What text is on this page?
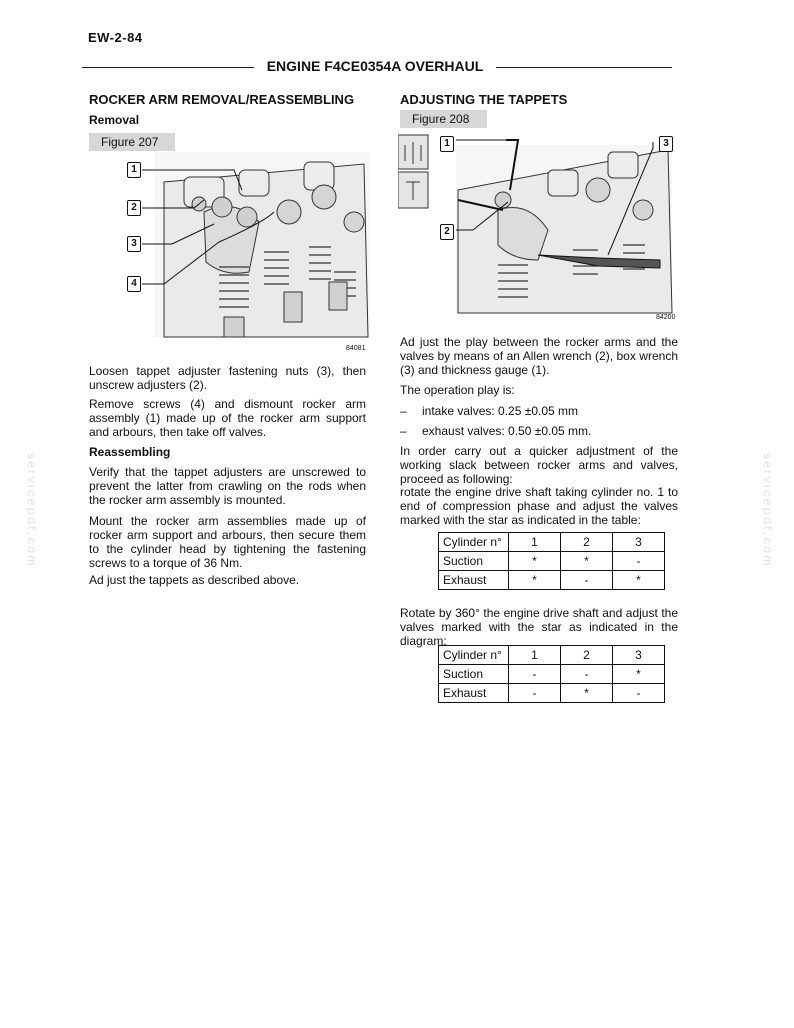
EW-2-84
ENGINE F4CE0354A OVERHAUL
servicepdf.com	servicepdf.com
ROCKER ARM REMOVAL/REASSEMBLING
Removal
Figure 207
1
2
3
4
84081
Loosen tappet adjuster fastening nuts (3), then unscrew adjusters (2).
Remove screws (4) and dismount rocker arm assembly (1) made up of the rocker arm support and arbours, then take off valves.
Reassembling
Verify that the tappet adjusters are unscrewed to prevent the latter from crawling on the rods when the rocker arm assembly is mounted.
Mount the rocker arm assemblies made up of rocker arm support and arbours, then secure them to the cylinder head by tightening the fastening screws to a torque of 36 Nm.
Ad just the tappets as described above.
ADJUSTING THE TAPPETS
Figure 208
1
2
3
84200
Ad just the play between the rocker arms and the valves by means of an Allen wrench (2), box wrench (3) and thickness gauge (1).
The operation play is:
– intake valves: 0.25 ±0.05 mm
– exhaust valves: 0.50 ±0.05 mm.
In order carry out a quicker adjustment of the working slack between rocker arms and valves, proceed as following:
rotate the engine drive shaft taking cylinder no. 1 to end of compression phase and adjust the valves marked with the star as indicated in the table:
Cylinder n°	1	2	3
Suction	*	*	-
Exhaust	*	-	*
Rotate by 360° the engine drive shaft and adjust the valves marked with the star as indicated in the diagram:
Cylinder n°	1	2	3
Suction	-	-	*
Exhaust	-	*	-
